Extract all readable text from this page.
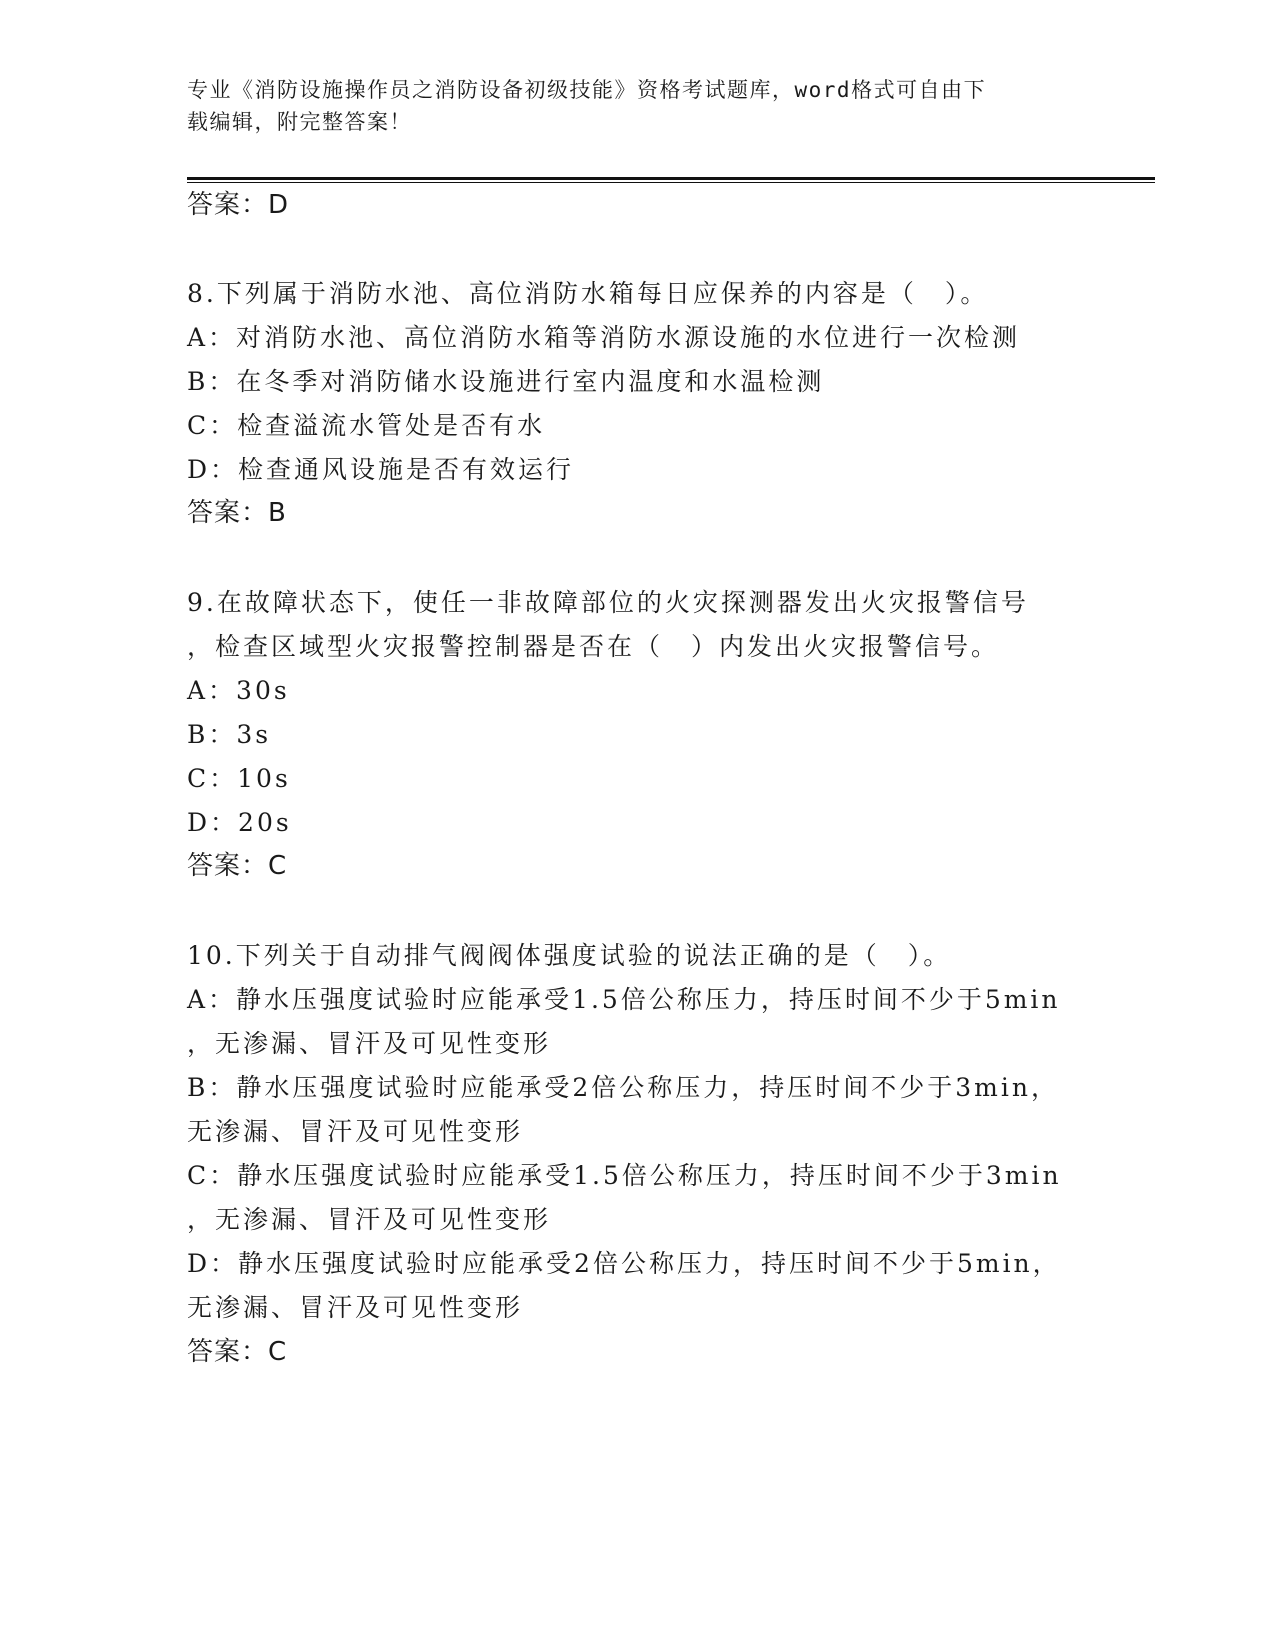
专业《消防设施操作员之消防设备初级技能》资格考试题库，word格式可自由下
载编辑，附完整答案！
答案：D
8.下列属于消防水池、高位消防水箱每日应保养的内容是（　）。
A：对消防水池、高位消防水箱等消防水源设施的水位进行一次检测
B：在冬季对消防储水设施进行室内温度和水温检测
C：检查溢流水管处是否有水
D：检查通风设施是否有效运行
答案：B
9.在故障状态下，使任一非故障部位的火灾探测器发出火灾报警信号
，检查区域型火灾报警控制器是否在（　）内发出火灾报警信号。
A：30s
B：3s
C：10s
D：20s
答案：C
10.下列关于自动排气阀阀体强度试验的说法正确的是（　）。
A：静水压强度试验时应能承受1.5倍公称压力，持压时间不少于5min
，无渗漏、冒汗及可见性变形
B：静水压强度试验时应能承受2倍公称压力，持压时间不少于3min，
无渗漏、冒汗及可见性变形
C：静水压强度试验时应能承受1.5倍公称压力，持压时间不少于3min
，无渗漏、冒汗及可见性变形
D：静水压强度试验时应能承受2倍公称压力，持压时间不少于5min，
无渗漏、冒汗及可见性变形
答案：C
